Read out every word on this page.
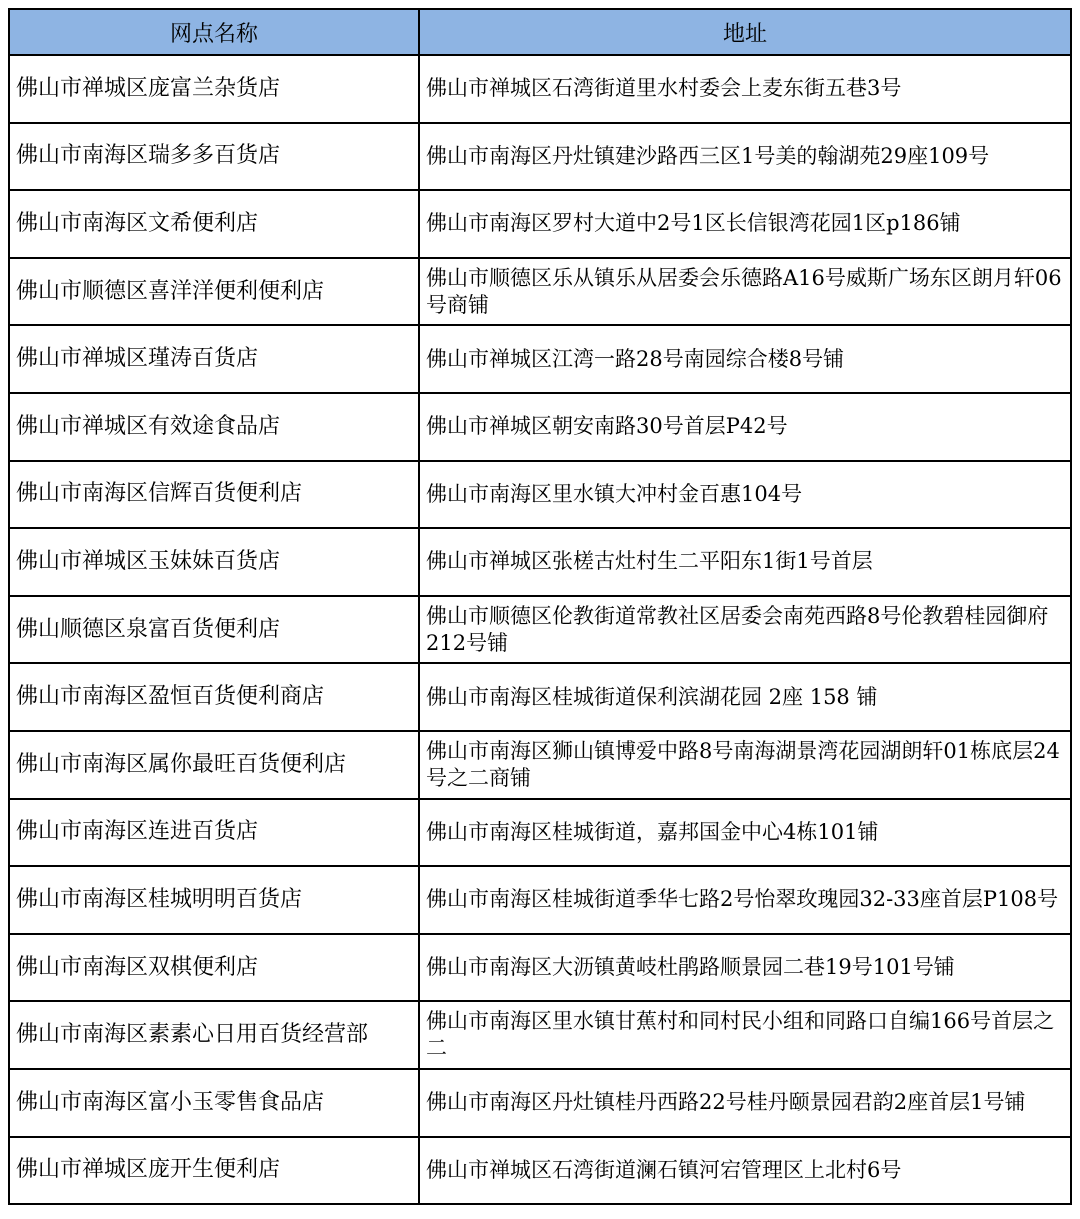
网点名称	地址
佛山市禅城区庞富兰杂货店	佛山市禅城区石湾街道里水村委会上麦东街五巷3号
佛山市南海区瑞多多百货店	佛山市南海区丹灶镇建沙路西三区1号美的翰湖苑29座109号
佛山市南海区文希便利店	佛山市南海区罗村大道中2号1区长信银湾花园1区p186铺
佛山市顺德区喜洋洋便利便利店	佛山市顺德区乐从镇乐从居委会乐德路A16号威斯广场东区朗月轩06号商铺
佛山市禅城区瑾涛百货店	佛山市禅城区江湾一路28号南园综合楼8号铺
佛山市禅城区有效途食品店	佛山市禅城区朝安南路30号首层P42号
佛山市南海区信辉百货便利店	佛山市南海区里水镇大冲村金百惠104号
佛山市禅城区玉妹妹百货店	佛山市禅城区张槎古灶村生二平阳东1街1号首层
佛山顺德区泉富百货便利店	佛山市顺德区伦教街道常教社区居委会南苑西路8号伦教碧桂园御府212号铺
佛山市南海区盈恒百货便利商店	佛山市南海区桂城街道保利滨湖花园 2座 158 铺
佛山市南海区属你最旺百货便利店	佛山市南海区狮山镇博爱中路8号南海湖景湾花园湖朗轩01栋底层24号之二商铺
佛山市南海区连进百货店	佛山市南海区桂城街道，嘉邦国金中心4栋101铺
佛山市南海区桂城明明百货店	佛山市南海区桂城街道季华七路2号怡翠玫瑰园32-33座首层P108号
佛山市南海区双棋便利店	佛山市南海区大沥镇黄岐杜鹃路顺景园二巷19号101号铺
佛山市南海区素素心日用百货经营部	佛山市南海区里水镇甘蕉村和同村民小组和同路口自编166号首层之二
佛山市南海区富小玉零售食品店	佛山市南海区丹灶镇桂丹西路22号桂丹颐景园君韵2座首层1号铺
佛山市禅城区庞开生便利店	佛山市禅城区石湾街道澜石镇河宕管理区上北村6号
